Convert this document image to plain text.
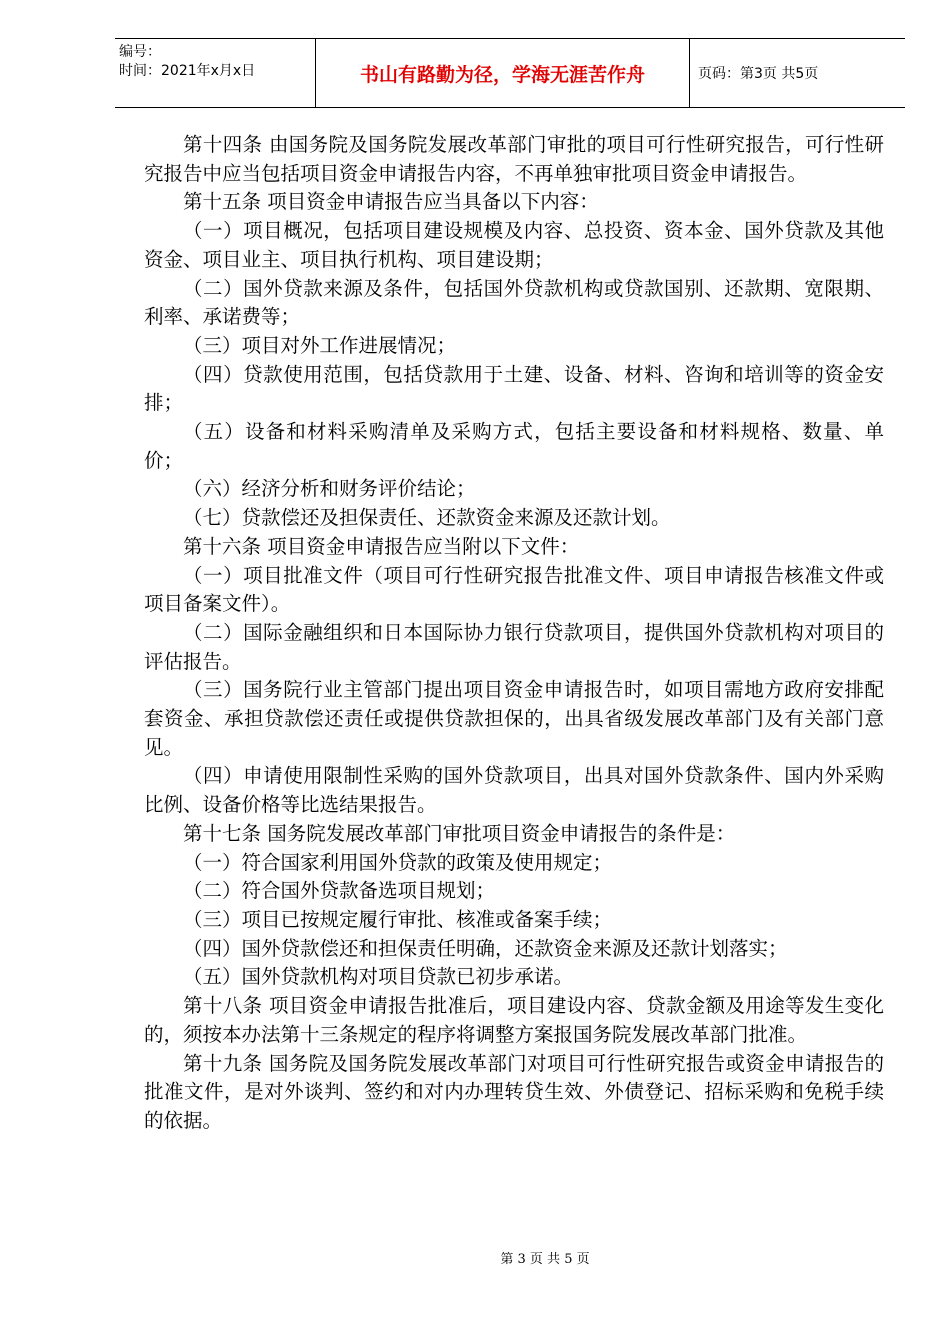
编号：
时间：2021年x月x日	书山有路勤为径，学海无涯苦作舟	页码：第3页 共5页

第十四条 由国务院及国务院发展改革部门审批的项目可行性研究报告，可行性研究报告中应当包括项目资金申请报告内容，不再单独审批项目资金申请报告。

第十五条 项目资金申请报告应当具备以下内容：

（一）项目概况，包括项目建设规模及内容、总投资、资本金、国外贷款及其他资金、项目业主、项目执行机构、项目建设期；

（二）国外贷款来源及条件，包括国外贷款机构或贷款国别、还款期、宽限期、利率、承诺费等；

（三）项目对外工作进展情况；

（四）贷款使用范围，包括贷款用于土建、设备、材料、咨询和培训等的资金安排；

（五）设备和材料采购清单及采购方式，包括主要设备和材料规格、数量、单价；

（六）经济分析和财务评价结论；

（七）贷款偿还及担保责任、还款资金来源及还款计划。

第十六条 项目资金申请报告应当附以下文件：

（一）项目批准文件（项目可行性研究报告批准文件、项目申请报告核准文件或项目备案文件）。

（二）国际金融组织和日本国际协力银行贷款项目，提供国外贷款机构对项目的评估报告。

（三）国务院行业主管部门提出项目资金申请报告时，如项目需地方政府安排配套资金、承担贷款偿还责任或提供贷款担保的，出具省级发展改革部门及有关部门意见。

（四）申请使用限制性采购的国外贷款项目，出具对国外贷款条件、国内外采购比例、设备价格等比选结果报告。

第十七条 国务院发展改革部门审批项目资金申请报告的条件是：

（一）符合国家利用国外贷款的政策及使用规定；

（二）符合国外贷款备选项目规划；

（三）项目已按规定履行审批、核准或备案手续；

（四）国外贷款偿还和担保责任明确，还款资金来源及还款计划落实；

（五）国外贷款机构对项目贷款已初步承诺。

第十八条 项目资金申请报告批准后，项目建设内容、贷款金额及用途等发生变化的，须按本办法第十三条规定的程序将调整方案报国务院发展改革部门批准。

第十九条 国务院及国务院发展改革部门对项目可行性研究报告或资金申请报告的批准文件，是对外谈判、签约和对内办理转贷生效、外债登记、招标采购和免税手续的依据。

第 3 页 共 5 页
